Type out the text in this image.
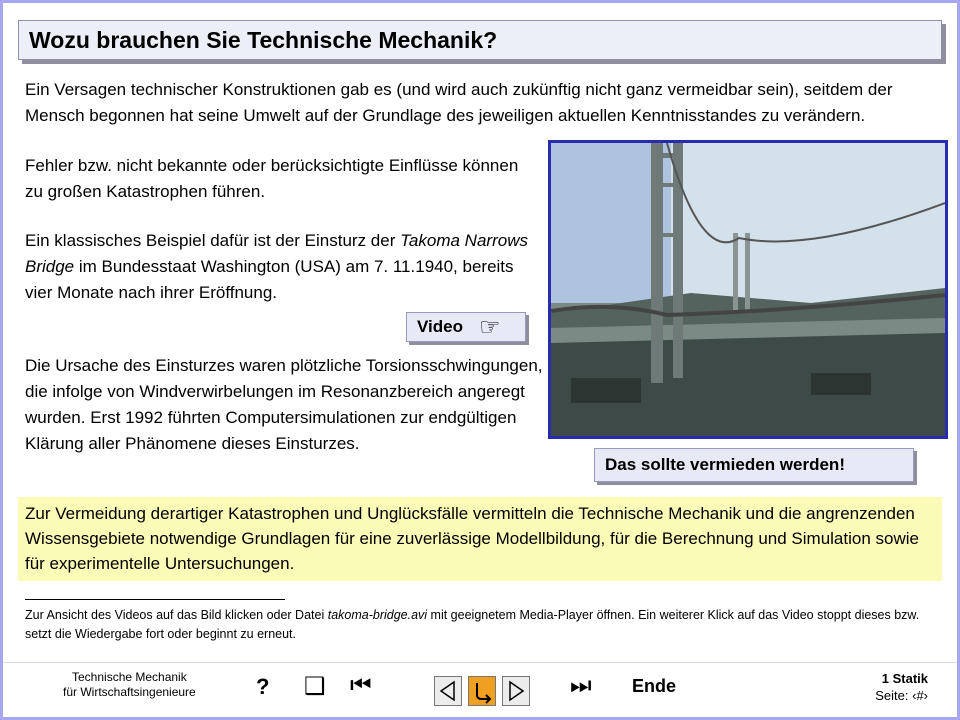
Wozu brauchen Sie Technische Mechanik?

Ein Versagen technischer Konstruktionen gab es (und wird auch zukünftig nicht ganz vermeidbar sein), seitdem der Mensch begonnen hat seine Umwelt auf der Grundlage des jeweiligen aktuellen Kenntnisstandes zu verändern.

Fehler bzw. nicht bekannte oder berücksichtigte Einflüsse können zu großen Katastrophen führen.

Ein klassisches Beispiel dafür ist der Einsturz der Takoma Narrows Bridge im Bundesstaat Washington (USA) am 7. 11.1940, bereits vier Monate nach ihrer Eröffnung.

Die Ursache des Einsturzes waren plötzliche Torsionsschwingungen, die infolge von Windverwirbelungen im Resonanzbereich angeregt wurden. Erst 1992 führten Computersimulationen zur endgültigen Klärung aller Phänomene dieses Einsturzes.

Video ☞
Das sollte vermieden werden!

Zur Vermeidung derartiger Katastrophen und Unglücksfälle vermitteln die Technische Mechanik und die angrenzenden Wissensgebiete notwendige Grundlagen für eine zuverlässige Modellbildung, für die Berechnung und Simulation sowie für experimentelle Untersuchungen.

Zur Ansicht des Videos auf das Bild klicken oder Datei takoma-bridge.avi mit geeignetem Media-Player öffnen. Ein weiterer Klick auf das Video stoppt dieses bzw. setzt die Wiedergabe fort oder beginnt zu erneut.
Technische Mechanik
für Wirtschaftsingenieure	? ❑ ⏮	⏭ Ende	1 Statik
Seite: ‹#›
